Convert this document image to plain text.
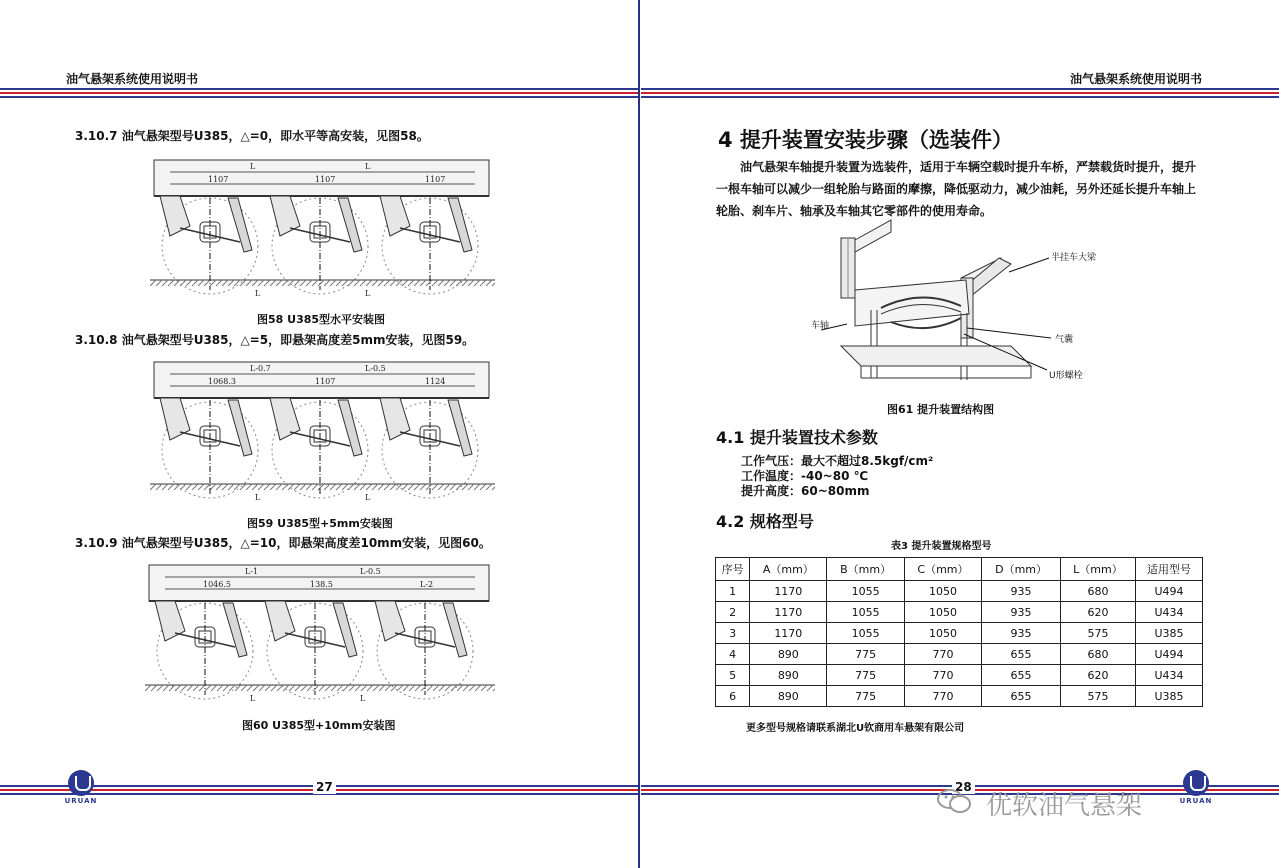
油气悬架系统使用说明书
3.10.7 油气悬架型号U385，△=0，即水平等高安装，见图58。
L	L
1107	1107	1107
L	L
图58 U385型水平安装图
3.10.8 油气悬架型号U385，△=5，即悬架高度差5mm安装，见图59。
L-0.7	L-0.5
1068.3	1107	1124
L	L
图59 U385型+5mm安装图
3.10.9 油气悬架型号U385，△=10，即悬架高度差10mm安装，见图60。
L-1	L-0.5
1046.5	138.5	L-2
L	L
图60 U385型+10mm安装图
URUAN
27
油气悬架系统使用说明书
4 提升装置安装步骤（选装件）
油气悬架车轴提升装置为选装件，适用于车辆空载时提升车桥，严禁载货时提升，提升一根车轴可以减少一组轮胎与路面的摩擦，降低驱动力，减少油耗，另外还延长提升车轴上轮胎、刹车片、轴承及车轴其它零部件的使用寿命。
半挂车大梁
车轴
气囊
U形螺栓
图61 提升装置结构图
4.1 提升装置技术参数
工作气压：最大不超过8.5kgf/cm²
工作温度：-40~80 ℃
提升高度：60~80mm
4.2 规格型号
表3 提升装置规格型号
序号	A（mm）	B（mm）	C（mm）	D（mm）	L（mm）	适用型号
1	1170	1055	1050	935	680	U494
2	1170	1055	1050	935	620	U434
3	1170	1055	1050	935	575	U385
4	890	775	770	655	680	U494
5	890	775	770	655	620	U434
6	890	775	770	655	575	U385
更多型号规格请联系湖北U钦商用车悬架有限公司
28
URUAN
优软油气悬架
